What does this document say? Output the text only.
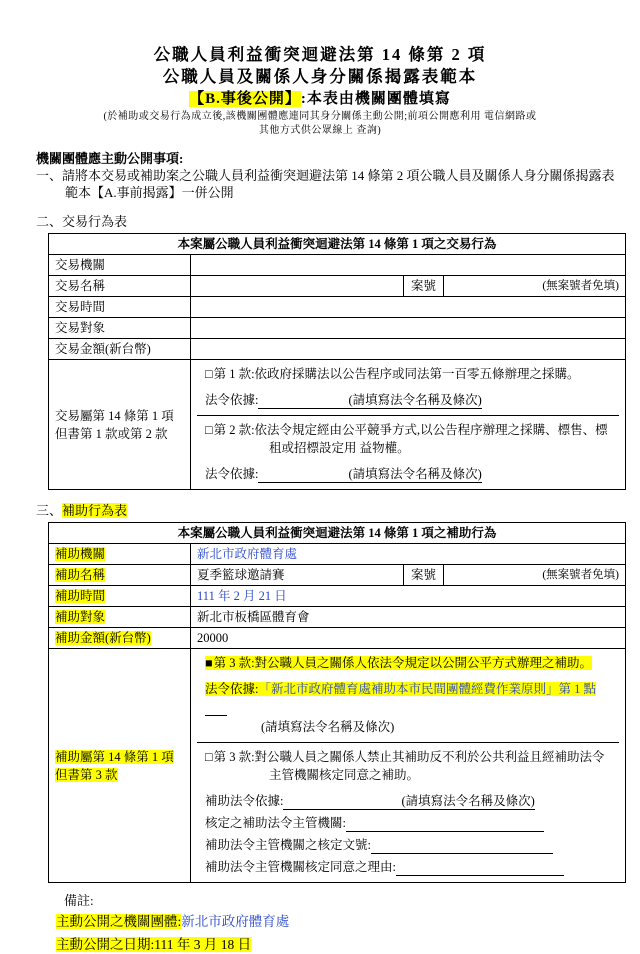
公職人員利益衝突迴避法第 14 條第 2 項
公職人員及關係人身分關係揭露表範本
【B.事後公開】:本表由機關團體填寫
(於補助或交易行為成立後,該機關團體應連同其身分關係主動公開;前項公開應利用 電信網路或
其他方式供公眾線上 查詢)
機關團體應主動公開事項:
一、請將本交易或補助案之公職人員利益衝突迴避法第 14 條第 2 項公職人員及關係人身分關係揭露表範本【A.事前揭露】一併公開
二、交易行為表
本案屬公職人員利益衝突迴避法第 14 條第 1 項之交易行為			
交易機關			
交易名稱		案號	(無案號者免填)
交易時間			
交易對象			
交易金額(新台幣)			

交易屬第 14 條第 1 項
但書第 1 款或第 2 款

□第 1 款:依政府採購法以公告程序或同法第一百零五條辦理之採購。
法令依據:	(請填寫法令名稱及條次)
□第 2 款:依法令規定經由公平競爭方式,以公告程序辦理之採購、標售、標租或招標設定用 益物權。
法令依據:	(請填寫法令名稱及條次)
三、補助行為表
本案屬公職人員利益衝突迴避法第 14 條第 1 項之補助行為			
補助機關	新北市政府體育處		
補助名稱	夏季籃球邀請賽	案號	(無案號者免填)
補助時間	111 年 2 月 21 日		
補助對象	新北市板橋區體育會		
補助金額(新台幣)	20000		

補助屬第 14 條第 1 項
但書第 3 款

■第 3 款:對公職人員之關係人依法令規定以公開公平方式辦理之補助。
法令依據:「新北市政府體育處補助本市民間團體經費作業原則」第 1 點
(請填寫法令名稱及條次)
□第 3 款:對公職人員之關係人禁止其補助反不利於公共利益且經補助法令主管機關核定同意之補助。
補助法令依據:	(請填寫法令名稱及條次)
核定之補助法令主管機關:
補助法令主管機關之核定文號:
補助法令主管機關核定同意之理由:
備註:
主動公開之機關團體:新北市政府體育處
主動公開之日期:111 年 3 月 18 日
